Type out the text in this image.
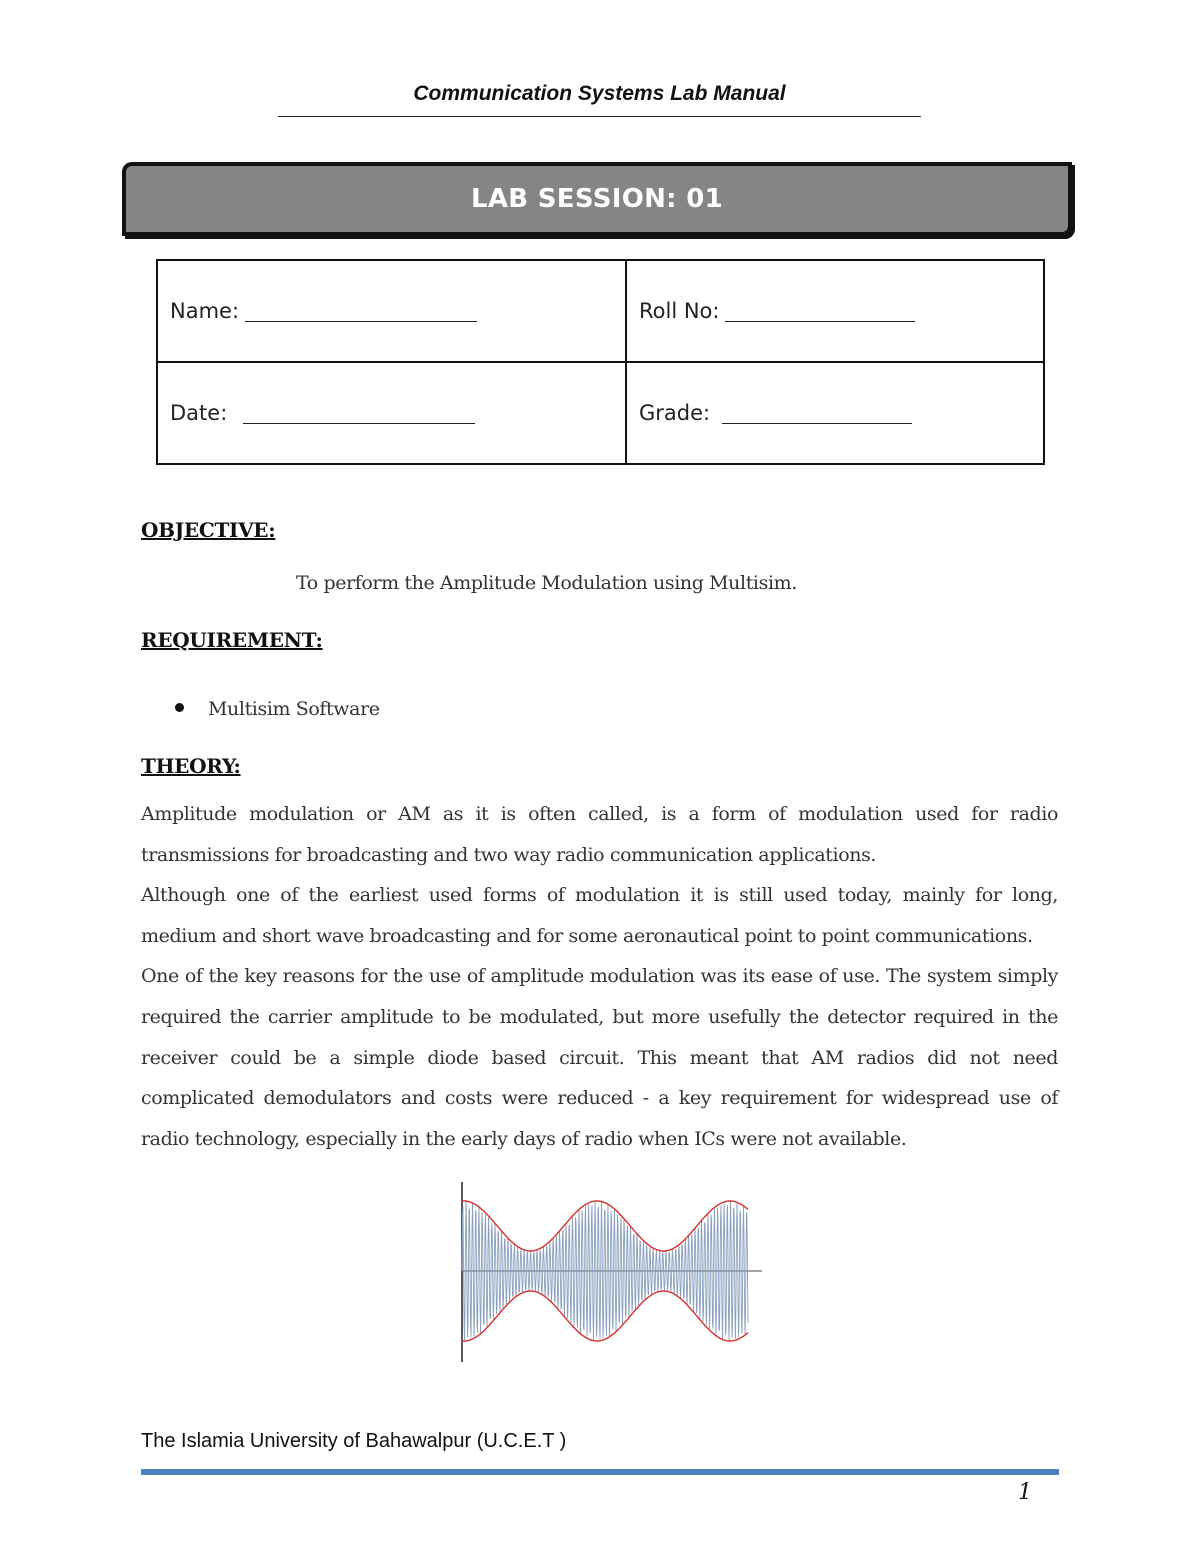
Communication Systems Lab Manual
LAB SESSION: 01
Name:	Roll No:
Date:	Grade:
OBJECTIVE:
To perform the Amplitude Modulation using Multisim.
REQUIREMENT:
Multisim Software
THEORY:

Amplitude modulation or AM as it is often called, is a form of modulation used for radio transmissions for broadcasting and two way radio communication applications.

Although one of the earliest used forms of modulation it is still used today, mainly for long, medium and short wave broadcasting and for some aeronautical point to point communications.

One of the key reasons for the use of amplitude modulation was its ease of use. The system simply required the carrier amplitude to be modulated, but more usefully the detector required in the receiver could be a simple diode based circuit. This meant that AM radios did not need complicated demodulators and costs were reduced - a key requirement for widespread use of radio technology, especially in the early days of radio when ICs were not available.

The Islamia University of Bahawalpur (U.C.E.T )
1
